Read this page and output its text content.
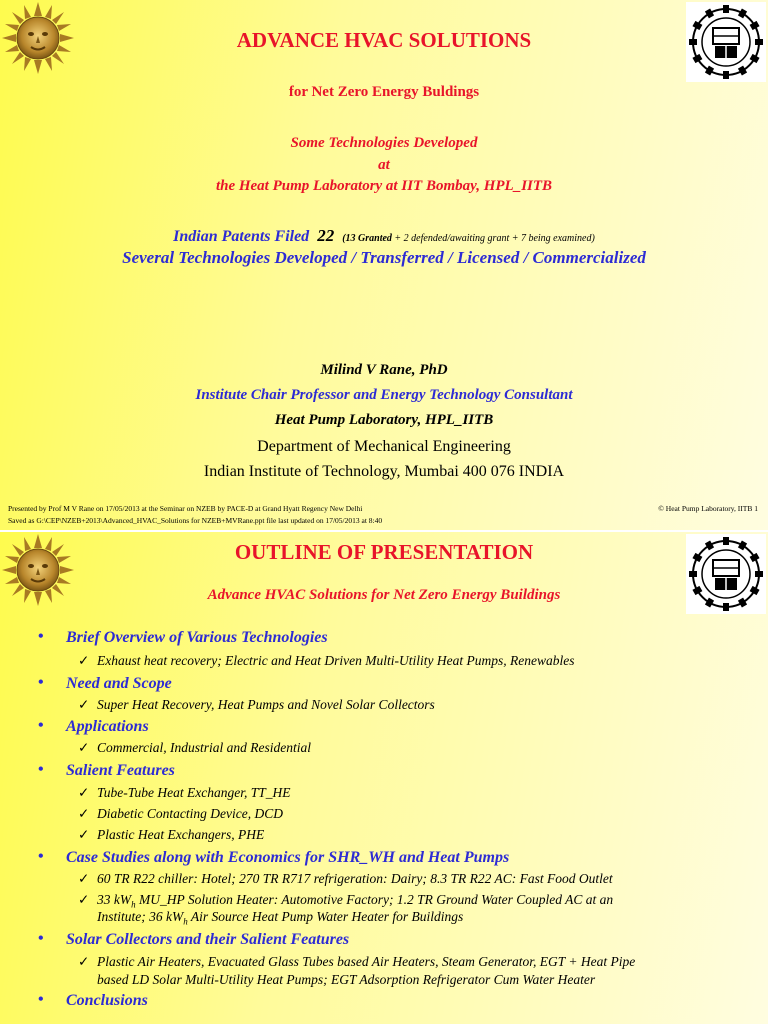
ADVANCE HVAC SOLUTIONS
for Net Zero Energy Buldings
Some Technologies Developed
at
the Heat Pump Laboratory at IIT Bombay, HPL_IITB
Indian Patents Filed 22 (13 Granted + 2 defended/awaiting grant + 7 being examined)
Several Technologies Developed / Transferred / Licensed / Commercialized
Milind V Rane, PhD
Institute Chair Professor and Energy Technology Consultant
Heat Pump Laboratory, HPL_IITB
Department of Mechanical Engineering
Indian Institute of Technology, Mumbai 400 076 INDIA
Presented by Prof M V Rane on 17/05/2013 at the Seminar on NZEB by PACE-D at Grand Hyatt Regency New Delhi
Saved as G:\CEP\NZEB+2013\Advanced_HVAC_Solutions for NZEB+MVRane.ppt file last updated on 17/05/2013 at 8:40
© Heat Pump Laboratory, IITB 1
OUTLINE OF PRESENTATION
Advance HVAC Solutions for Net Zero Energy Buildings
• Brief Overview of Various Technologies
✓ Exhaust heat recovery; Electric and Heat Driven Multi-Utility Heat Pumps, Renewables
• Need and Scope
✓ Super Heat Recovery, Heat Pumps and Novel Solar Collectors
• Applications
✓ Commercial, Industrial and Residential
• Salient Features
✓ Tube-Tube Heat Exchanger, TT_HE
✓ Diabetic Contacting Device, DCD
✓ Plastic Heat Exchangers, PHE
• Case Studies along with Economics for SHR_WH and Heat Pumps
✓ 60 TR R22 chiller: Hotel; 270 TR R717 refrigeration: Dairy; 8.3 TR R22 AC: Fast Food Outlet
✓ 33 $kW_h$ MU_HP Solution Heater: Automotive Factory; 1.2 TR Ground Water Coupled AC at an
Institute; 36 $kW_h$ Air Source Heat Pump Water Heater for Buildings
• Solar Collectors and their Salient Features
✓ Plastic Air Heaters, Evacuated Glass Tubes based Air Heaters, Steam Generator, EGT + Heat Pipe
based LD Solar Multi-Utility Heat Pumps; EGT Adsorption Refrigerator Cum Water Heater
• Conclusions
